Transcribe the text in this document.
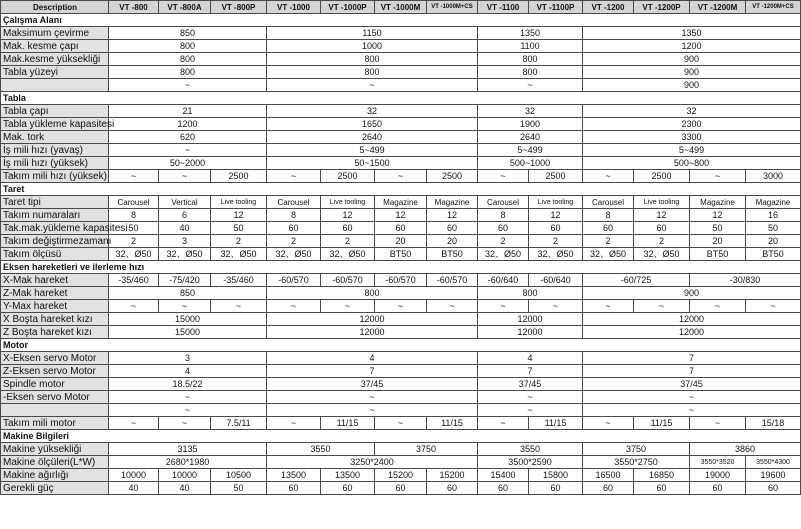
Description	VT -800	VT -800A	VT -800P	VT -1000	VT -1000P	VT -1000M	VT -1000M+CS	VT -1100	VT -1100P	VT -1200	VT -1200P	VT -1200M	VT -1200M+CS
Çalışma Alanı													
Maksimum çevirme	850			1150				1350		1350			
Mak. kesme çapı	800			1000				1100		1200			
Mak.kesme yüksekliği	800			800				800		900			
Tabla yüzeyi	800			800				800		900			
	~			~				~		900			
Tabla													
Tabla çapı	21			32				32		32			
Tabla yükleme kapasitesi	1200			1650				1900		2300			
Mak. tork	620			2640				2640		3300			
İş mili hızı (yavaş)	~			5~499				5~499		5~499			
İş mili hızı (yüksek)	50~2000			50~1500				500~1000		500~800			
Takım mili hızı (yüksek)	~	~	2500	~	2500	~	2500	~	2500	~	2500	~	3000
Taret													
Taret tipi	Carousel	Vertical	Live tooling	Carousel	Live tooling	Magazine	Magazine	Carousel	Live tooling	Carousel	Live tooling	Magazine	Magazine
Takım numaraları	8	6	12	8	12	12	12	8	12	8	12	12	16
Tak.mak.yükleme kapasitesi	50	40	50	60	60	60	60	60	60	60	60	50	50
Takım değiştirmezamanı	2	3	2	2	2	20	20	2	2	2	2	20	20
Takım ölçüsü	32、Ø50	32、Ø50	32、Ø50	32、Ø50	32、Ø50	BT50	BT50	32、Ø50	32、Ø50	32、Ø50	32、Ø50	BT50	BT50
Eksen hareketleri ve ilerleme hızı													
X-Mak hareket	-35/460	-75/420	-35/460	-60/570	-60/570	-60/570	-60/570	-60/640	-60/640	-60/725		-30/830	
Z-Mak hareket	850			800				800		900			
Y-Max hareket	~	~	~	~	~	~	~	~	~	~	~	~	~
X Boşta hareket kızı	15000			12000				12000		12000			
Z Boşta hareket kızı	15000			12000				12000		12000			
Motor													
X-Eksen servo Motor	3			4				4		7			
Z-Eksen servo Motor	4			7				7		7			
Spindle motor	18.5/22			37/45				37/45		37/45			
-Eksen servo Motor	~			~				~		~			
	~			~				~		~			
Takım mili motor	~	~	7.5/11	~	11/15	~	11/15	~	11/15	~	11/15	~	15/18
Makine Bilgileri													
Makine yüksekliği	3135			3550		3750		3550		3750		3860	
Makine ölçüleri(L*W)	2680*1980			3250*2400				3500*2590		3550*2750		3550*3520	3550*4300
Makine ağırlığı	10000	10000	10500	13500	13500	15200	15200	15400	15800	16500	16850	19000	19600
Gerekli güç	40	40	50	60	60	60	60	60	60	60	60	60	60
